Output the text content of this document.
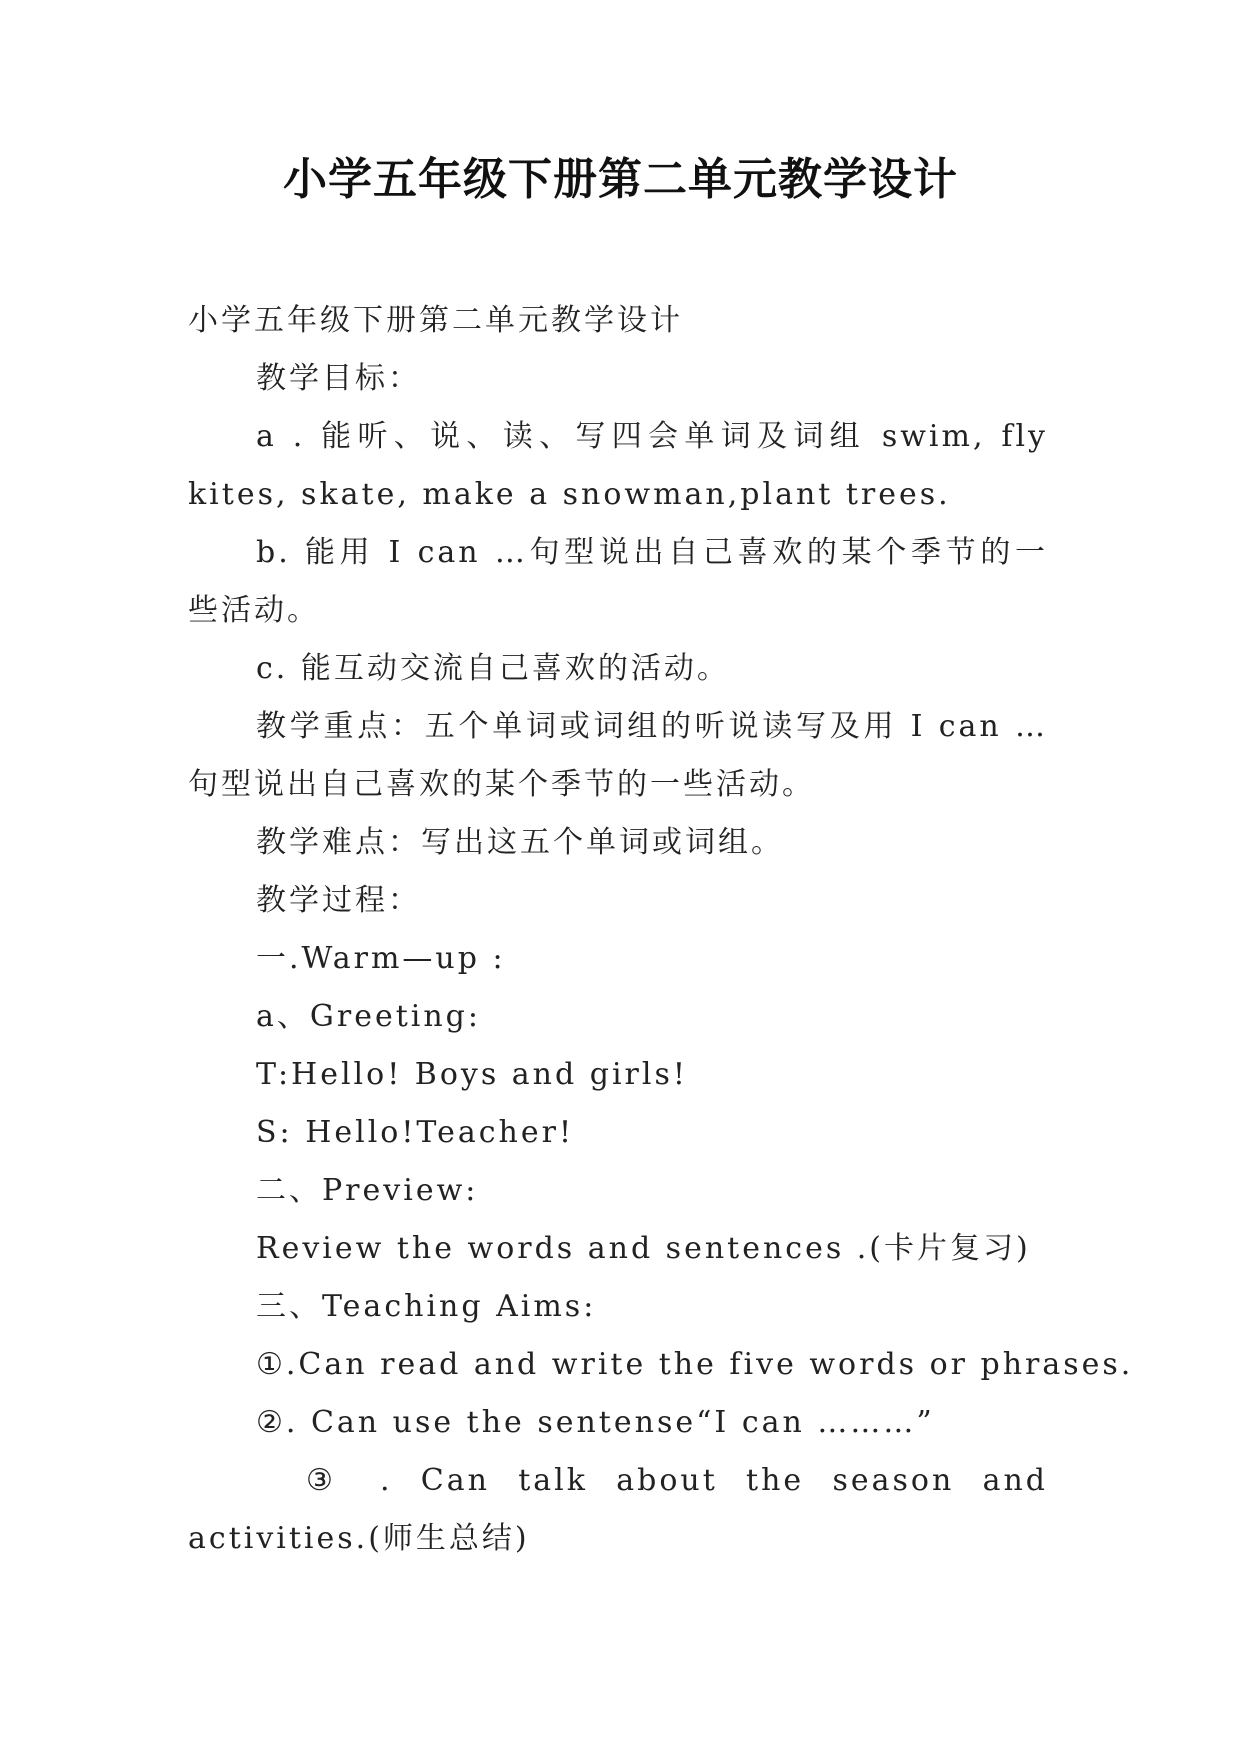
小学五年级下册第二单元教学设计
小学五年级下册第二单元教学设计
教学目标：
a . 能听、说、读、写四会单词及词组 swim, fly
kites, skate, make a snowman,plant trees.
b. 能用 I can …句型说出自己喜欢的某个季节的一
些活动。
c. 能互动交流自己喜欢的活动。
教学重点：五个单词或词组的听说读写及用 I can …
句型说出自己喜欢的某个季节的一些活动。
教学难点：写出这五个单词或词组。
教学过程：
一.Warm—up :
a、Greeting:
T:Hello! Boys and girls!
S: Hello!Teacher!
二、Preview:
Review the words and sentences .(卡片复习)
三、Teaching Aims:
①.Can read and write the five words or phrases.
②. Can use the sentense“I can ………”
③ . Can talk about the season and
activities.(师生总结)
